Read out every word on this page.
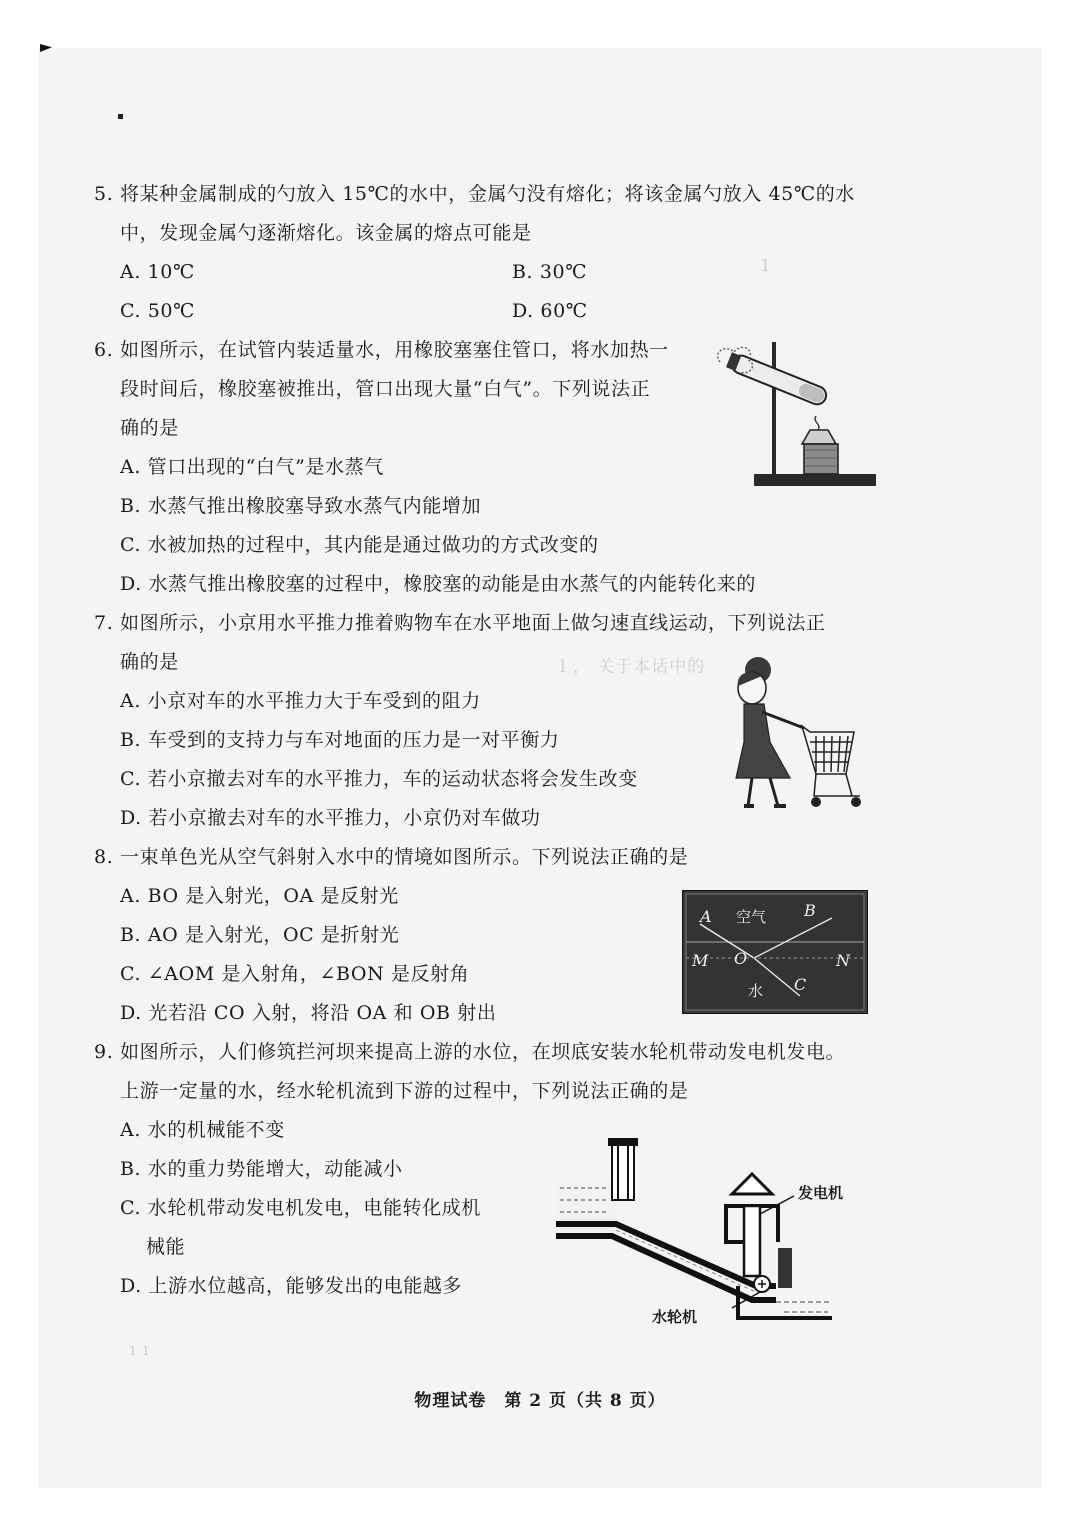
1
l ， 关于本话中的
ı ı
5. 将某种金属制成的勺放入 15℃的水中，金属勺没有熔化；将该金属勺放入 45℃的水
中，发现金属勺逐渐熔化。该金属的熔点可能是
A. 10℃	B. 30℃
C. 50℃	D. 60℃
6. 如图所示，在试管内装适量水，用橡胶塞塞住管口，将水加热一
段时间后，橡胶塞被推出，管口出现大量“白气”。下列说法正
确的是
A. 管口出现的“白气”是水蒸气
B. 水蒸气推出橡胶塞导致水蒸气内能增加
C. 水被加热的过程中，其内能是通过做功的方式改变的
D. 水蒸气推出橡胶塞的过程中，橡胶塞的动能是由水蒸气的内能转化来的
7. 如图所示，小京用水平推力推着购物车在水平地面上做匀速直线运动，下列说法正
确的是
A. 小京对车的水平推力大于车受到的阻力
B. 车受到的支持力与车对地面的压力是一对平衡力
C. 若小京撤去对车的水平推力，车的运动状态将会发生改变
D. 若小京撤去对车的水平推力，小京仍对车做功
8. 一束单色光从空气斜射入水中的情境如图所示。下列说法正确的是
A. BO 是入射光，OA 是反射光
B. AO 是入射光，OC 是折射光
C. ∠AOM 是入射角，∠BON 是反射角
D. 光若沿 CO 入射，将沿 OA 和 OB 射出
A	B
C
M	N
O
空气
水
9. 如图所示，人们修筑拦河坝来提高上游的水位，在坝底安装水轮机带动发电机发电。
上游一定量的水，经水轮机流到下游的过程中，下列说法正确的是
A. 水的机械能不变
B. 水的重力势能增大，动能减小
C. 水轮机带动发电机发电，电能转化成机
械能
D. 上游水位越高，能够发出的电能越多
发电机
水轮机
物理试卷　第 2 页（共 8 页）
